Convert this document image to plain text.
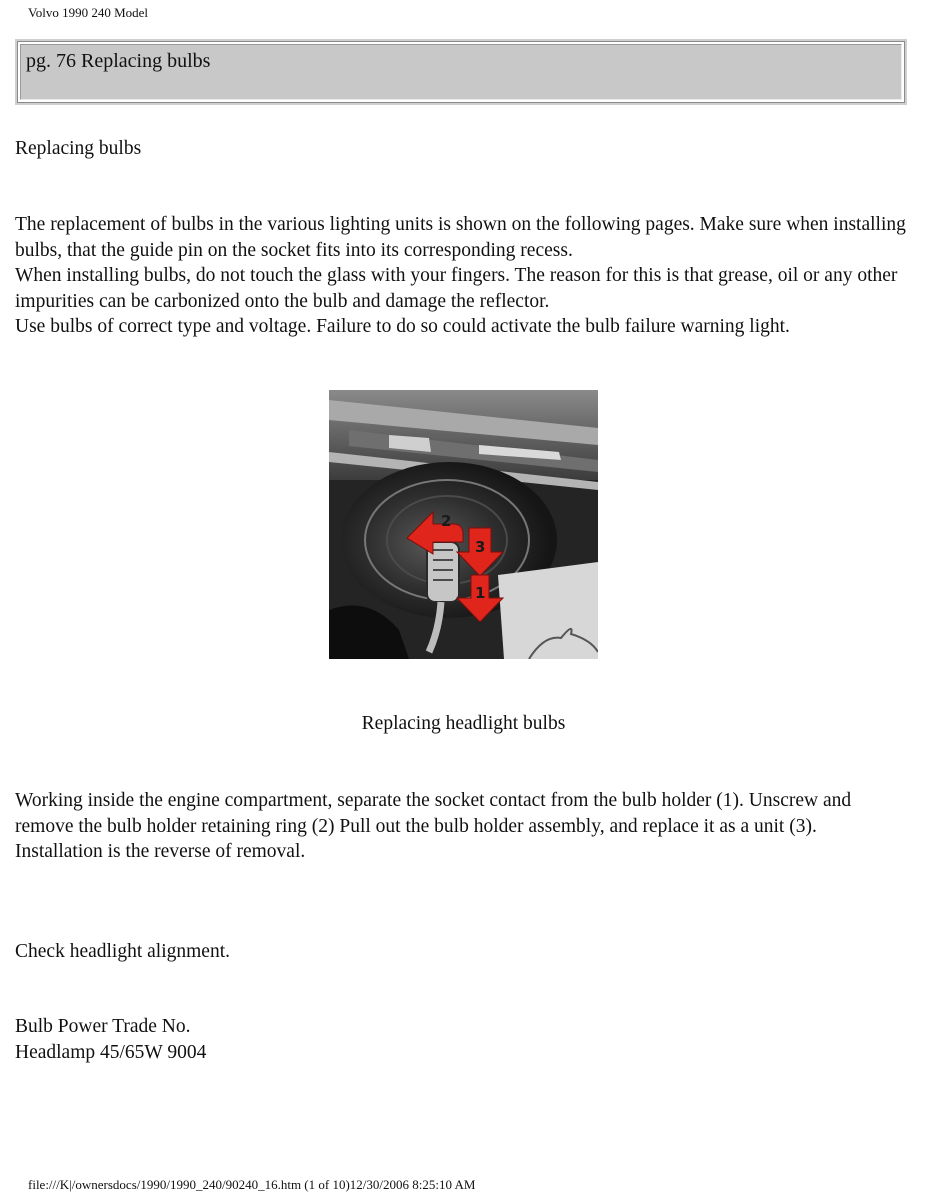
Volvo 1990 240 Model
pg. 76 Replacing bulbs
Replacing bulbs
The replacement of bulbs in the various lighting units is shown on the following pages. Make sure when installing bulbs, that the guide pin on the socket fits into its corresponding recess.
When installing bulbs, do not touch the glass with your fingers. The reason for this is that grease, oil or any other impurities can be carbonized onto the bulb and damage the reflector.
Use bulbs of correct type and voltage. Failure to do so could activate the bulb failure warning light.
2
3
1
Replacing headlight bulbs
Working inside the engine compartment, separate the socket contact from the bulb holder (1). Unscrew and remove the bulb holder retaining ring (2) Pull out the bulb holder assembly, and replace it as a unit (3).
Installation is the reverse of removal.
Check headlight alignment.
Bulb Power Trade No.
Headlamp 45/65W 9004
file:///K|/ownersdocs/1990/1990_240/90240_16.htm (1 of 10)12/30/2006 8:25:10 AM
